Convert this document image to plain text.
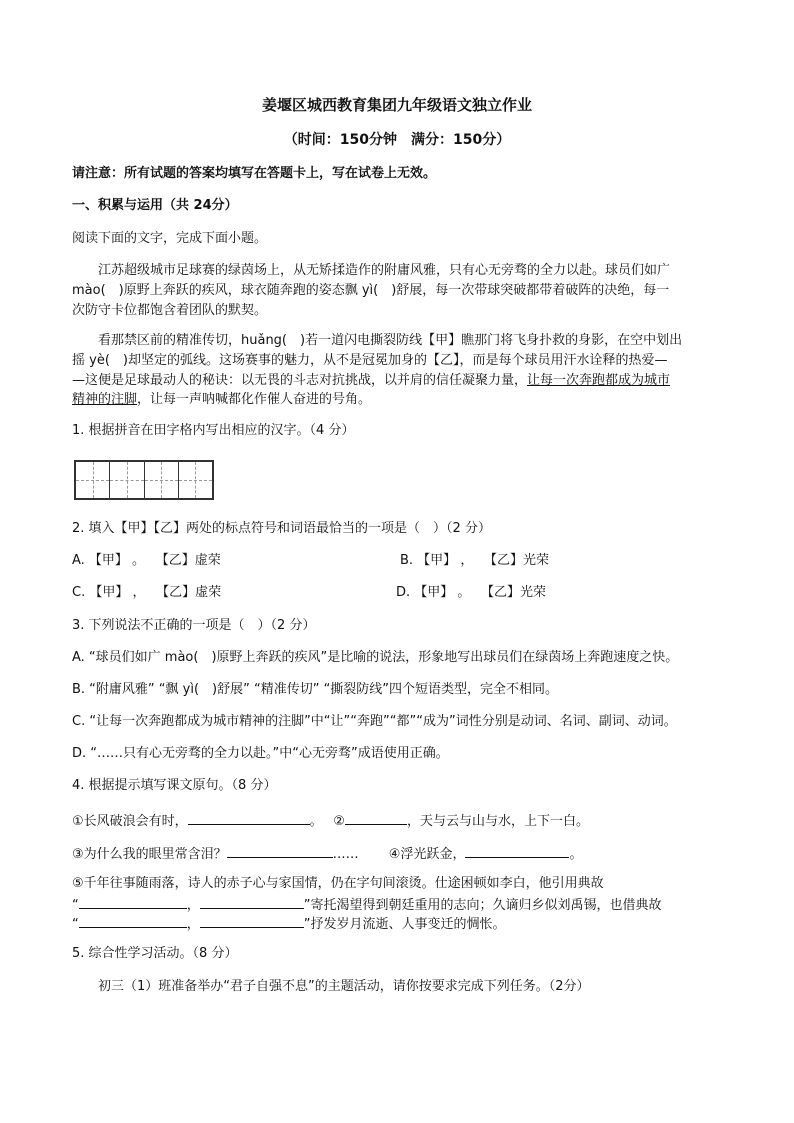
姜堰区城西教育集团九年级语文独立作业
（时间：150分钟　满分：150分）
请注意：所有试题的答案均填写在答题卡上，写在试卷上无效。
一、积累与运用（共 24分）
阅读下面的文字，完成下面小题。
江苏超级城市足球赛的绿茵场上，从无矫揉造作的附庸风雅，只有心无旁骛的全力以赴。球员们如广
mào(　)原野上奔跃的疾风，球衣随奔跑的姿态飘 yì(　)舒展，每一次带球突破都带着破阵的决绝，每一
次防守卡位都饱含着团队的默契。
看那禁区前的精准传切，huǎng(　)若一道闪电撕裂防线【甲】瞧那门将飞身扑救的身影，在空中划出
摇 yè(　)却坚定的弧线。这场赛事的魅力，从不是冠冕加身的【乙】，而是每个球员用汗水诠释的热爱—
—这便是足球最动人的秘诀：以无畏的斗志对抗挑战，以并肩的信任凝聚力量，让每一次奔跑都成为城市
精神的注脚，让每一声呐喊都化作催人奋进的号角。
1. 根据拼音在田字格内写出相应的汉字。（4 分）
2. 填入【甲】【乙】两处的标点符号和词语最恰当的一项是（　）（2 分）
A. 【甲】 。　 【乙】虚荣	B. 【甲】 ，　 【乙】光荣
C. 【甲】 ，　 【乙】虚荣	D. 【甲】 。　 【乙】光荣
3. 下列说法不正确的一项是（　）（2 分）
A. “球员们如广 mào(　)原野上奔跃的疾风”是比喻的说法，形象地写出球员们在绿茵场上奔跑速度之快。
B. “附庸风雅” “飘 yì(　)舒展” “精准传切” “撕裂防线”四个短语类型，完全不相同。
C. “让每一次奔跑都成为城市精神的注脚”中“让”“奔跑”“都”“成为”词性分别是动词、名词、副词、动词。
D. “……只有心无旁骛的全力以赴。”中“心无旁骛”成语使用正确。
4. 根据提示填写课文原句。（8 分）
①长风破浪会有时，	。　 ②	，天与云与山与水，上下一白。
③为什么我的眼里常含泪？	……　　 ④浮光跃金，	。
⑤千年往事随雨落，诗人的赤子心与家国情，仍在字句间滚烫。仕途困顿如李白，他引用典故
“	，	”寄托渴望得到朝廷重用的志向；久谪归乡似刘禹锡，也借典故
“	，	”抒发岁月流逝、人事变迁的惆怅。
5. 综合性学习活动。（8 分）
初三（1）班准备举办“君子自强不息”的主题活动，请你按要求完成下列任务。（2分）
